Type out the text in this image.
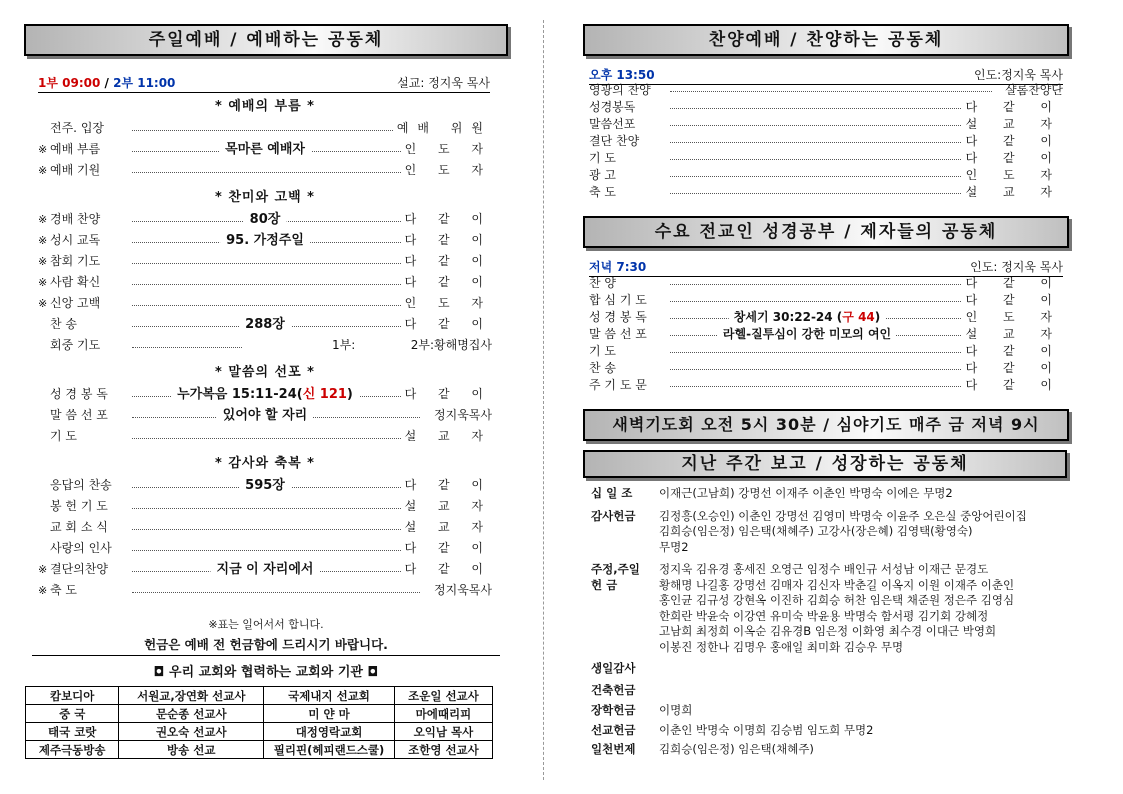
주일예배 / 예배하는 공동체
1부 09:00 / 2부 11:00	설교: 정지욱 목사
* 예배의 부름 *
전주. 입장	예배 위원
※ 예배 부름	목마른 예배자	인 도 자
※ 예배 기원	인 도 자
* 찬미와 고백 *
※ 경배 찬양	80장	다 같 이
※ 성시 교독	95. 가정주일	다 같 이
※ 참회 기도	다 같 이
※ 사람 확신	다 같 이
※ 신앙 고백	인 도 자
찬 송	288장	다 같 이
회중 기도	1부:	2부:황해명집사
* 말씀의 선포 *
성 경 봉 독	누가복음 15:11-24(신 121)	다 같 이
말 씀 선 포	있어야 할 자리	정지욱목사
기 도	설 교 자
* 감사와 축복 *
응답의 찬송	595장	다 같 이
봉 헌 기 도	설 교 자
교 회 소 식	설 교 자
사랑의 인사	다 같 이
※ 결단의찬양	지금 이 자리에서	다 같 이
※ 축 도	정지욱목사
※표는 일어서서 합니다.
헌금은 예배 전 헌금함에 드리시기 바랍니다.
◘ 우리 교회와 협력하는 교회와 기관 ◘
캄보디아	서원교,장연화 선교사	국제내지 선교회	조운일 선교사
중 국	문순종 선교사	미 얀 마	마에때리피
태국 코랏	권오숙 선교사	대정영락교회	오익남 목사
제주극동방송	방송 선교	필리핀(헤피랜드스쿨)	조한영 선교사
찬양예배 / 찬양하는 공동체
오후 13:50	인도:정지욱 목사
영광의 찬양	샬롬찬양단
성경봉독	다 같 이
말씀선포	설 교 자
결단 찬양	다 같 이
기 도	다 같 이
광 고	인 도 자
축 도	설 교 자
수요 전교인 성경공부 / 제자들의 공동체
저녁 7:30	인도: 정지욱 목사
찬 양	다 같 이
합 심 기 도	다 같 이
성 경 봉 독	창세기 30:22-24 (구 44)	인 도 자
말 씀 선 포	라헬-질투심이 강한 미모의 여인	설 교 자
기 도	다 같 이
찬 송	다 같 이
주 기 도 문	다 같 이
새벽기도회 오전 5시 30분 / 심야기도 매주 금 저녁 9시
지난 주간 보고 / 성장하는 공동체
십 일 조	이재근(고남희) 강명선 이재주 이춘인 박명숙 이에은 무명2
감사헌금	김정흥(오승인) 이춘인 강명선 김영미 박명숙 이윤주 오은실 중앙어린이집
김희승(임은정) 임은택(채혜주) 고강사(장은혜) 김영택(황영숙)
무명2
주정,주일
헌 금
정지욱 김유경 홍세진 오영근 임정수 배인규 서성남 이재근 문경도
황해명 나길홍 강명선 김매자 김신자 박춘길 이옥지 이원 이재주 이춘인
홍인균 김규성 강현옥 이진하 김희승 허찬 임은택 채준원 정은주 김영심
한희란 박윤숙 이강연 유미숙 박윤용 박명숙 함서평 김기회 강혜정
고남희 최정희 이옥순 김유경B 임은정 이화영 최수경 이대근 박영희
이봉진 정한나 김명우 홍애일 최미화 김승우 무명
생일감사
건축헌금
장학헌금	이명희
선교헌금	이춘인 박명숙 이명희 김승범 임도희 무명2
일천번제	김희승(임은정) 임은택(채혜주)
